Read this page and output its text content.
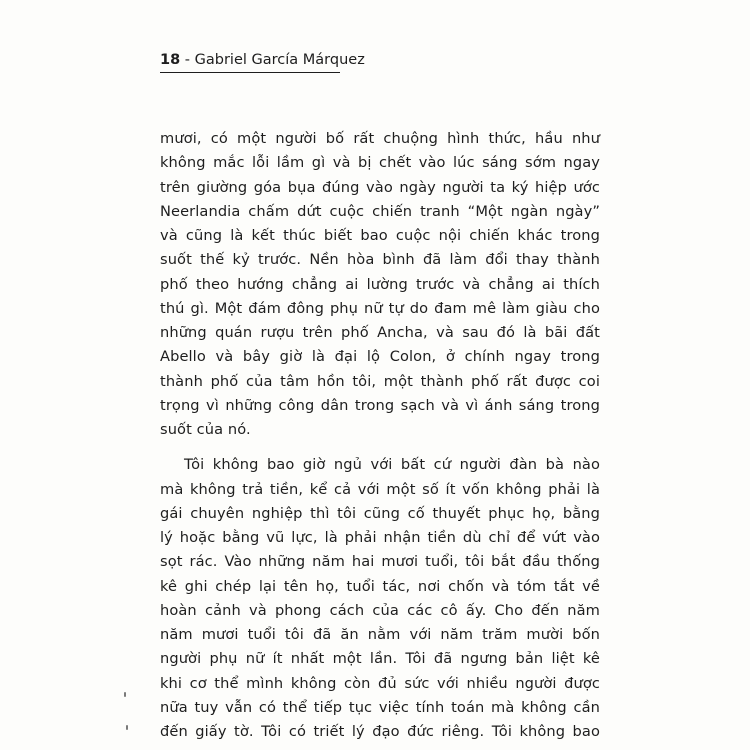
18 - Gabriel García Márquez
mươi, có một người bố rất chuộng hình thức, hầu như
không mắc lỗi lầm gì và bị chết vào lúc sáng sớm ngay
trên giường góa bụa đúng vào ngày người ta ký hiệp ước
Neerlandia chấm dứt cuộc chiến tranh “Một ngàn ngày”
và cũng là kết thúc biết bao cuộc nội chiến khác trong
suốt thế kỷ trước. Nền hòa bình đã làm đổi thay thành
phố theo hướng chẳng ai lường trước và chẳng ai thích
thú gì. Một đám đông phụ nữ tự do đam mê làm giàu cho
những quán rượu trên phố Ancha, và sau đó là bãi đất
Abello và bây giờ là đại lộ Colon, ở chính ngay trong
thành phố của tâm hồn tôi, một thành phố rất được coi
trọng vì những công dân trong sạch và vì ánh sáng trong
suốt của nó.
Tôi không bao giờ ngủ với bất cứ người đàn bà nào
mà không trả tiền, kể cả với một số ít vốn không phải là
gái chuyên nghiệp thì tôi cũng cố thuyết phục họ, bằng
lý hoặc bằng vũ lực, là phải nhận tiền dù chỉ để vứt vào
sọt rác. Vào những năm hai mươi tuổi, tôi bắt đầu thống
kê ghi chép lại tên họ, tuổi tác, nơi chốn và tóm tắt về
hoàn cảnh và phong cách của các cô ấy. Cho đến năm
năm mươi tuổi tôi đã ăn nằm với năm trăm mười bốn
người phụ nữ ít nhất một lần. Tôi đã ngưng bản liệt kê
khi cơ thể mình không còn đủ sức với nhiều người được
nữa tuy vẫn có thể tiếp tục việc tính toán mà không cần
đến giấy tờ. Tôi có triết lý đạo đức riêng. Tôi không bao
